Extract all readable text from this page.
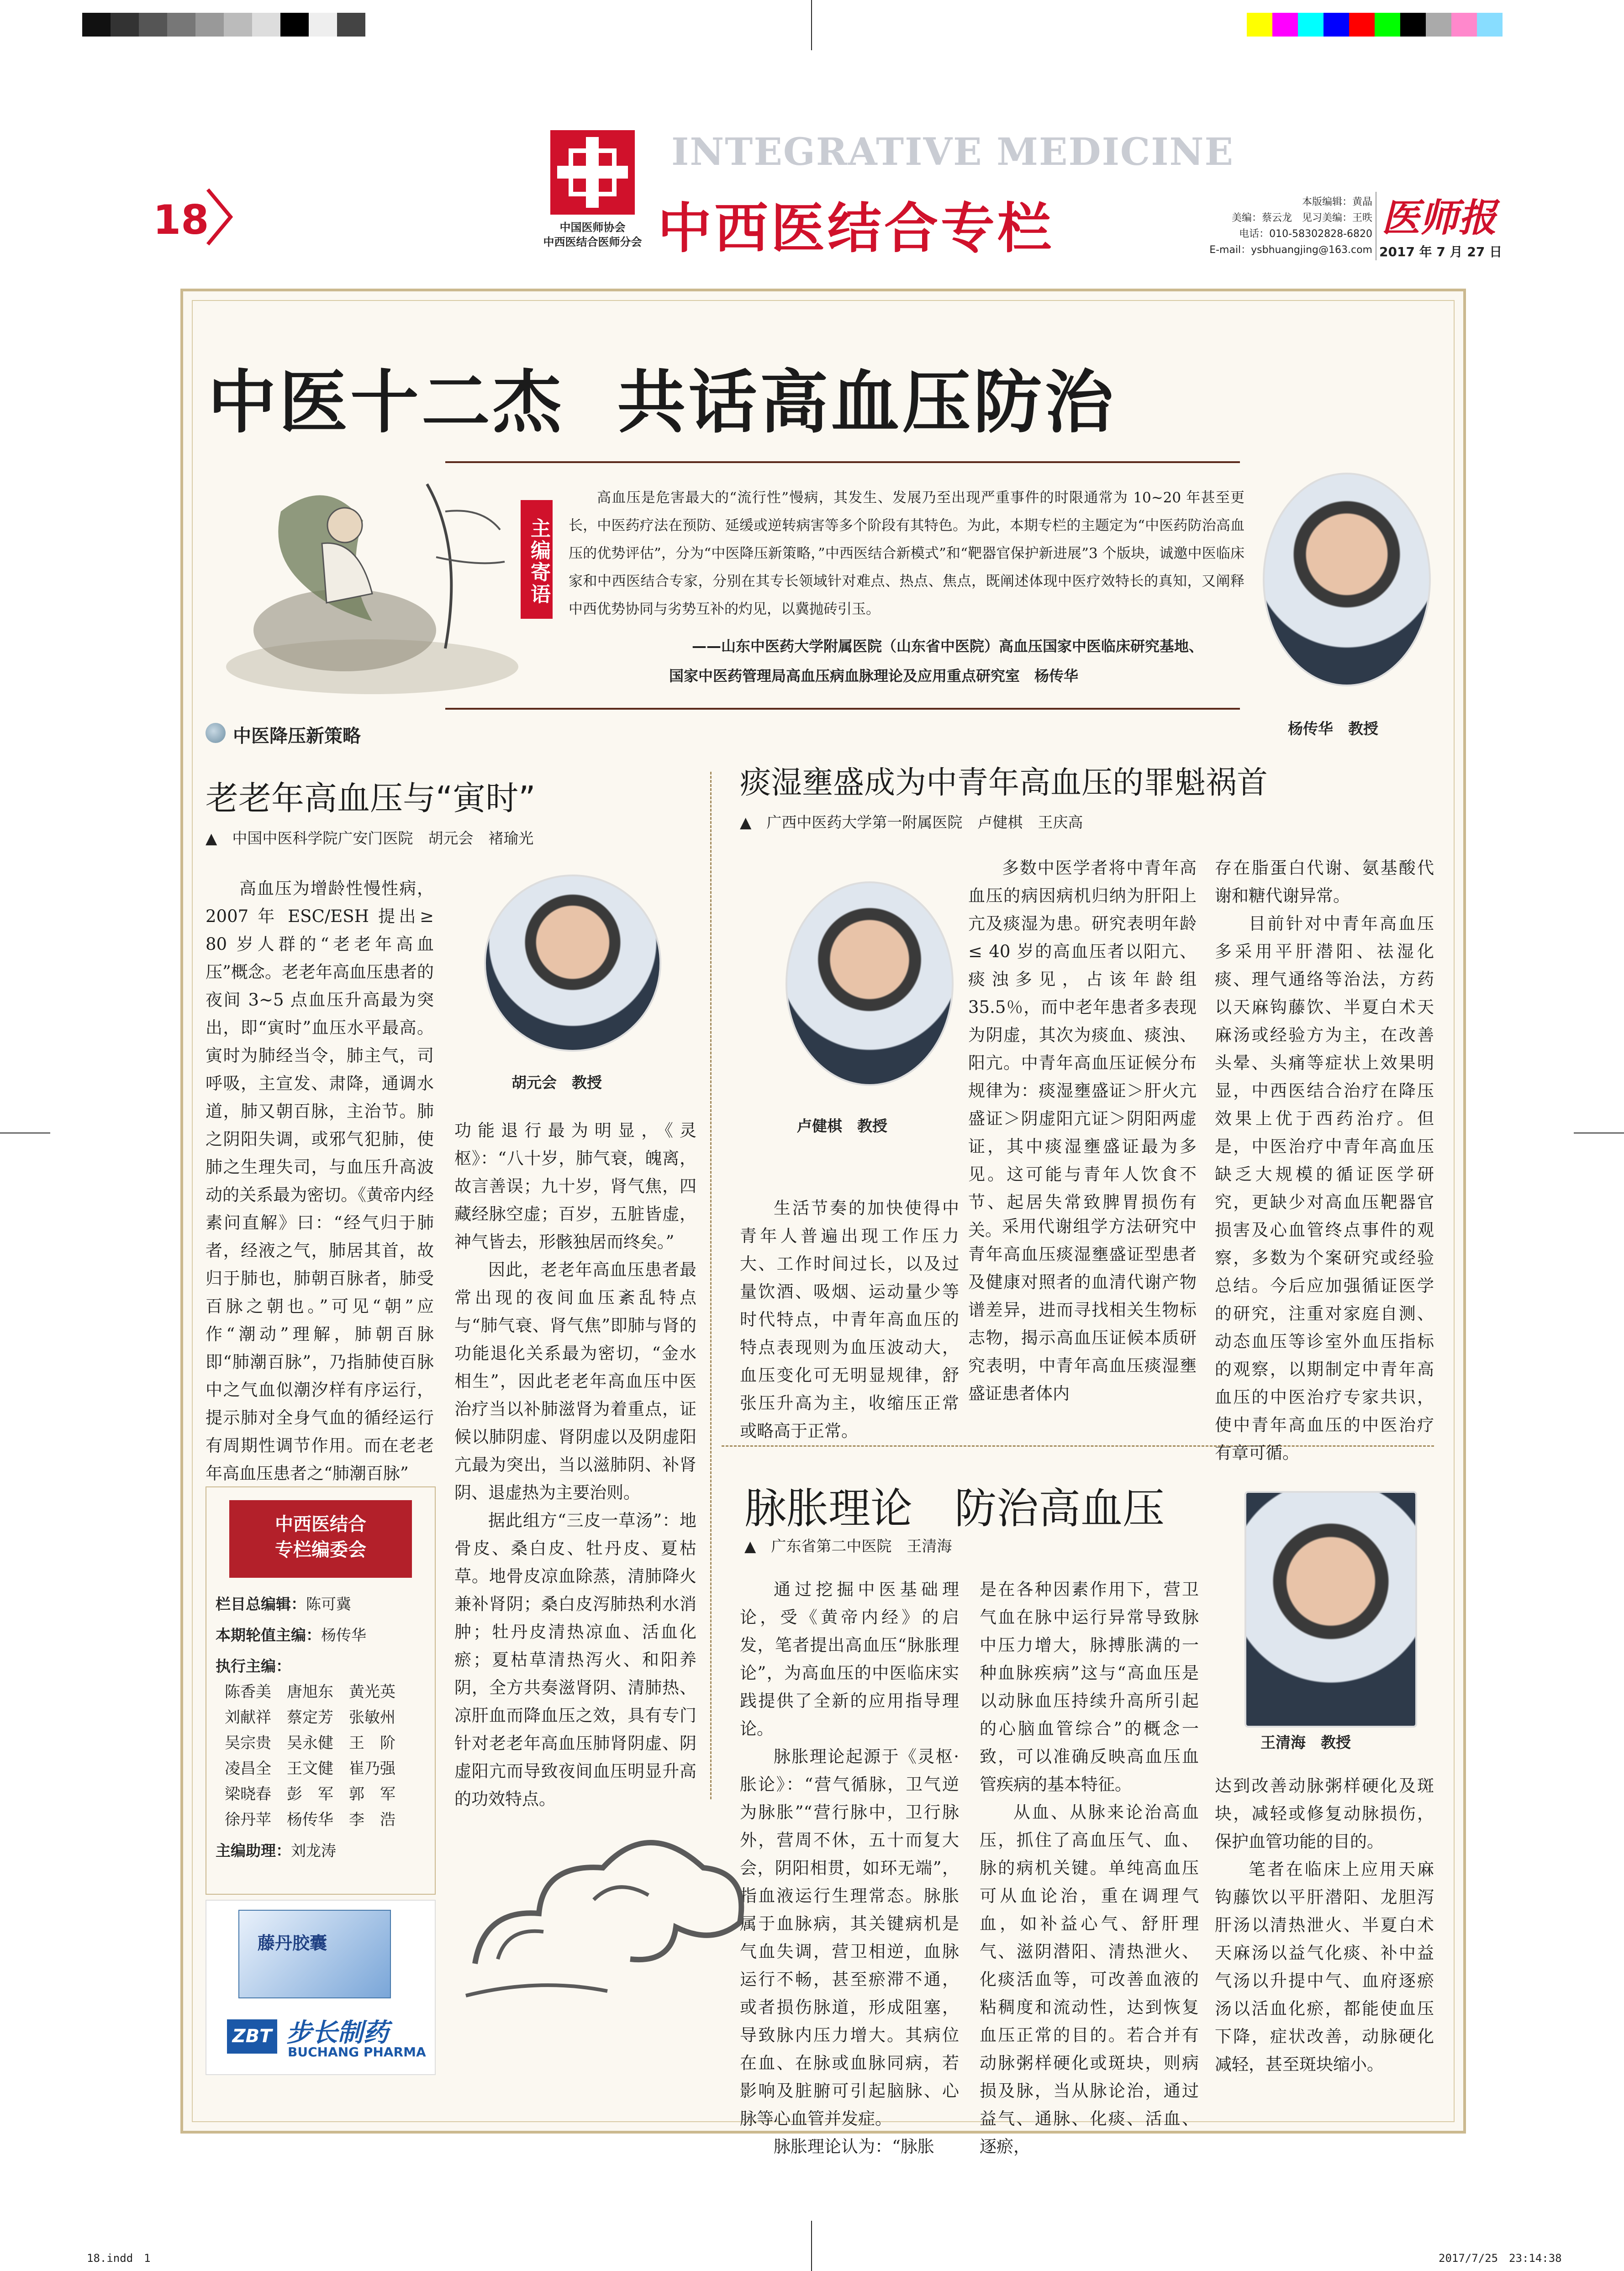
18	中国医师协会
中西医结合医师分会
INTEGRATIVE MEDICINE
中西医结合专栏	本版编辑：黄晶
美编：蔡云龙　见习美编：王昳
电话：010-58302828-6820
E-mail：ysbhuangjing@163.com
医师报
2017 年 7 月 27 日
中医十二杰  共话高血压防治
主编寄语
高血压是危害最大的“流行性”慢病，其发生、发展乃至出现严重事件的时限通常为 10~20 年甚至更长，中医药疗法在预防、延缓或逆转病害等多个阶段有其特色。为此，本期专栏的主题定为“中医药防治高血压的优势评估”，分为“中医降压新策略，”中西医结合新模式”和“靶器官保护新进展”3 个版块，诚邀中医临床家和中西医结合专家，分别在其专长领域针对难点、热点、焦点，既阐述体现中医疗效特长的真知，又阐释中西优势协同与劣势互补的灼见，以冀抛砖引玉。
——山东中医药大学附属医院（山东省中医院）高血压国家中医临床研究基地、
国家中医药管理局高血压病血脉理论及应用重点研究室　杨传华
杨传华　教授
中医降压新策略
老老年高血压与“寅时”
▲　中国中医科学院广安门医院　胡元会　褚瑜光
高血压为增龄性慢性病，2007 年 ESC/ESH 提出≥ 80 岁人群的“老老年高血压”概念。老老年高血压患者的夜间 3~5 点血压升高最为突出，即“寅时”血压水平最高。寅时为肺经当令，肺主气，司呼吸，主宣发、肃降，通调水道，肺又朝百脉，主治节。肺之阴阳失调，或邪气犯肺，使肺之生理失司，与血压升高波动的关系最为密切。《黄帝内经素问直解》曰：“经气归于肺者，经液之气，肺居其首，故归于肺也，肺朝百脉者，肺受百脉之朝也。”可见“朝”应作“潮动”理解，肺朝百脉即“肺潮百脉”，乃指肺使百脉中之气血似潮汐样有序运行，提示肺对全身气血的循经运行有周期性调节作用。而在老老年高血压患者之“肺潮百脉”
胡元会　教授

功能退行最为明显，《灵枢》：“八十岁，肺气衰，魄离，故言善误；九十岁，肾气焦，四藏经脉空虚；百岁，五脏皆虚，神气皆去，形骸独居而终矣。”

因此，老老年高血压患者最常出现的夜间血压紊乱特点与“肺气衰、肾气焦”即肺与肾的功能退化关系最为密切，“金水相生”，因此老老年高血压中医治疗当以补肺滋肾为着重点，证候以肺阴虚、肾阴虚以及阴虚阳亢最为突出，当以滋肺阴、补肾阴、退虚热为主要治则。

据此组方“三皮一草汤”：地骨皮、桑白皮、牡丹皮、夏枯草。地骨皮凉血除蒸，清肺降火兼补肾阴；桑白皮泻肺热利水消肿；牡丹皮清热凉血、活血化瘀；夏枯草清热泻火、和阳养阴，全方共奏滋肾阴、清肺热、凉肝血而降血压之效，具有专门针对老老年高血压肺肾阴虚、阴虚阳亢而导致夜间血压明显升高的功效特点。

痰湿壅盛成为中青年高血压的罪魁祸首
▲　广西中医药大学第一附属医院　卢健棋　王庆高
卢健棋　教授
多数中医学者将中青年高血压的病因病机归纳为肝阳上亢及痰湿为患。研究表明年龄≤ 40 岁的高血压者以阳亢、痰浊多见，占该年龄组 35.5％，而中老年患者多表现为阴虚，其次为痰血、痰浊、阳亢。中青年高血压证候分布规律为：痰湿壅盛证＞肝火亢盛证＞阴虚阳亢证＞阴阳两虚证，其中痰湿壅盛证最为多见。这可能与青年人饮食不节、起居失常致脾胃损伤有关。
生活节奏的加快使得中青年人普遍出现工作压力大、工作时间过长，以及过量饮酒、吸烟、运动量少等时代特点，中青年高血压的特点表现则为血压波动大，血压变化可无明显规律，舒张压升高为主，收缩压正常或略高于正常。
采用代谢组学方法研究中青年高血压痰湿壅盛证型患者及健康对照者的血清代谢产物谱差异，进而寻找相关生物标志物，揭示高血压证候本质研究表明，中青年高血压痰湿壅盛证患者体内

存在脂蛋白代谢、氨基酸代谢和糖代谢异常。

目前针对中青年高血压多采用平肝潜阳、祛湿化痰、理气通络等治法，方药以天麻钩藤饮、半夏白术天麻汤或经验方为主，在改善头晕、头痛等症状上效果明显，中西医结合治疗在降压效果上优于西药治疗。但是，中医治疗中青年高血压缺乏大规模的循证医学研究，更缺少对高血压靶器官损害及心血管终点事件的观察，多数为个案研究或经验总结。今后应加强循证医学的研究，注重对家庭自测、动态血压等诊室外血压指标的观察，以期制定中青年高血压的中医治疗专家共识，使中青年高血压的中医治疗有章可循。

脉胀理论　防治高血压
▲　广东省第二中医院　王清海

通过挖掘中医基础理论，受《黄帝内经》的启发，笔者提出高血压“脉胀理论”，为高血压的中医临床实践提供了全新的应用指导理论。

脉胀理论起源于《灵枢·胀论》：“营气循脉，卫气逆为脉胀”“营行脉中，卫行脉外，营周不休，五十而复大会，阴阳相贯，如环无端”，指血液运行生理常态。脉胀属于血脉病，其关键病机是气血失调，营卫相逆，血脉运行不畅，甚至瘀滞不通，或者损伤脉道，形成阻塞，导致脉内压力增大。其病位在血、在脉或血脉同病，若影响及脏腑可引起脑脉、心脉等心血管并发症。

脉胀理论认为：“脉胀

是在各种因素作用下，营卫气血在脉中运行异常导致脉中压力增大，脉搏胀满的一种血脉疾病”这与“高血压是以动脉血压持续升高所引起的心脑血管综合”的概念一致，可以准确反映高血压血管疾病的基本特征。

从血、从脉来论治高血压，抓住了高血压气、血、脉的病机关键。单纯高血压可从血论治，重在调理气血，如补益心气、舒肝理气、滋阴潜阳、清热泄火、化痰活血等，可改善血液的粘稠度和流动性，达到恢复血压正常的目的。若合并有动脉粥样硬化或斑块，则病损及脉，当从脉论治，通过益气、通脉、化痰、活血、逐瘀，

王清海　教授

达到改善动脉粥样硬化及斑块，减轻或修复动脉损伤，保护血管功能的目的。

笔者在临床上应用天麻钩藤饮以平肝潜阳、龙胆泻肝汤以清热泄火、半夏白术天麻汤以益气化痰、补中益气汤以升提中气、血府逐瘀汤以活血化瘀，都能使血压下降，症状改善，动脉硬化减轻，甚至斑块缩小。

中西医结合
专栏编委会
栏目总编辑：陈可冀
本期轮值主编：杨传华
执行主编：
陈香美　唐旭东　黄光英
刘献祥　蔡定芳　张敏州
吴宗贵　吴永健　王　阶
凌昌全　王文健　崔乃强
梁晓春　彭　军　郭　军
徐丹苹　杨传华　李　浩
主编助理：刘龙涛
藤丹胶囊
ZBT 步长制药
BUCHANG PHARMA
18.indd　1	2017/7/25　23:14:38
